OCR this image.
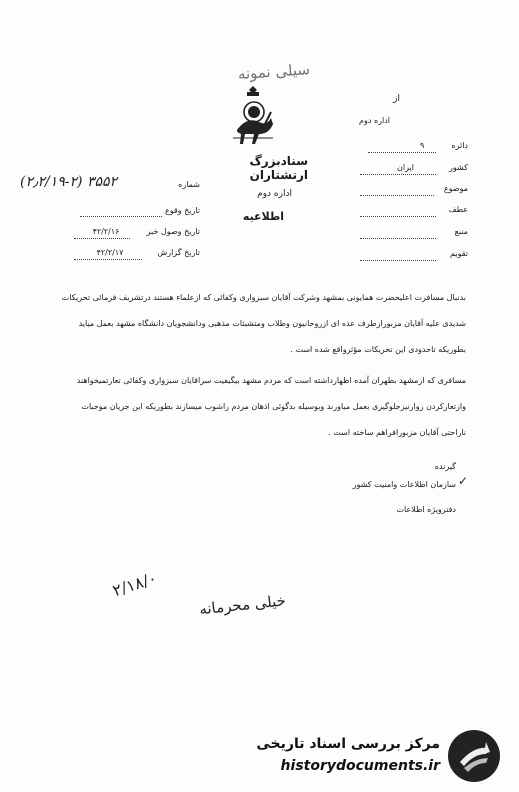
سیلی نمونه
سنادبزرگ ارتشتاران
اداره دوم
اطلاعیه
(۲٫۲/۱۹-۲) ۳۵۵۲	شماره
تاریخ وقوع
تاریخ وصول خبر
۴۲/۲/۱۶
تاریخ گزارش
۴۲/۲/۱۷
از
اداره دوم
دائره
۹
کشور
ایران
موضوع
عطف
منبع
تقویم
بدنبال مسافرت اعلیحضرت همایونی بمشهد وشرکت آقایان سبزواری وکفائی که ازعلماء هستند درتشریف فرمائی تحریکات
شدیدی علیه آقایان مزبورازطرف عده ای ازروحانیون وطلاب ومتشبثات مذهبی ودانشجویان دانشگاه مشهد بعمل میاید
بطوریکه تاحدودی این تحریکات مؤثرواقع شده است .
مسافری که ازمشهد بطهران آمده اظهارداشته است که مردم مشهد بیگیفیت سراقایان سبزواری وکفائی تعارتمیخواهند
وازتعارکردن زوارنیزجلوگیری بعمل میاورند وبوسیله بدگوئی اذهان مردم راشوب میسازند بطوریکه این جریان موجبات
ناراحتی آقایان مزبورافراهم ساخته است .
گیرنده
✓
سازمان اطلاعات وامنیت کشور
دفترویژه اطلاعات
۲/۱۸/۰
خیلی محرمانه
مرکز بررسی اسناد تاریخی
historydocuments.ir
